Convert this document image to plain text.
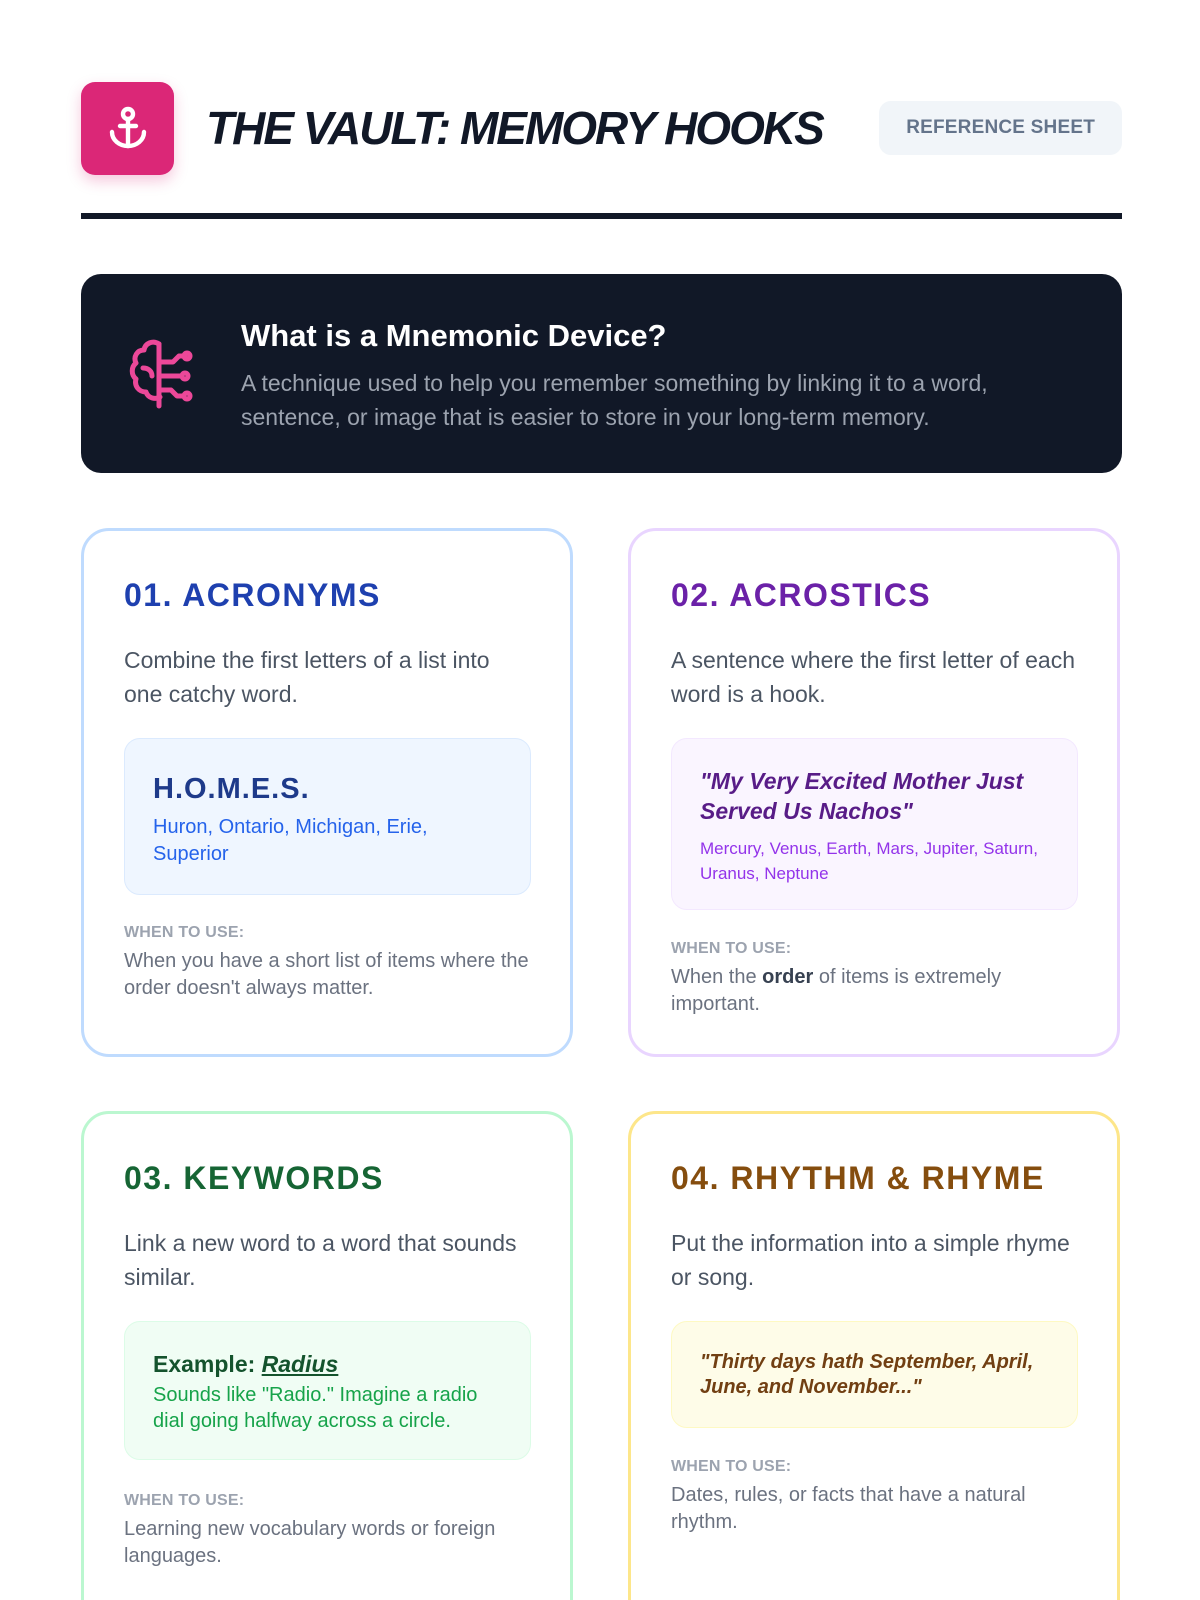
THE VAULT: MEMORY HOOKS	REFERENCE SHEET
What is a Mnemonic Device?
A technique used to help you remember something by linking it to a word, sentence, or image that is easier to store in your long-term memory.
01. ACRONYMS
Combine the first letters of a list into one catchy word.
H.O.M.E.S.
Huron, Ontario, Michigan, Erie, Superior
WHEN TO USE:
When you have a short list of items where the order doesn't always matter.
02. ACROSTICS
A sentence where the first letter of each word is a hook.
"My Very Excited Mother Just Served Us Nachos"
Mercury, Venus, Earth, Mars, Jupiter, Saturn, Uranus, Neptune
WHEN TO USE:
When the order of items is extremely important.
03. KEYWORDS
Link a new word to a word that sounds similar.
Example: Radius
Sounds like "Radio." Imagine a radio dial going halfway across a circle.
WHEN TO USE:
Learning new vocabulary words or foreign languages.
04. RHYTHM & RHYME
Put the information into a simple rhyme or song.
"Thirty days hath September, April, June, and November..."
WHEN TO USE:
Dates, rules, or facts that have a natural rhythm.
